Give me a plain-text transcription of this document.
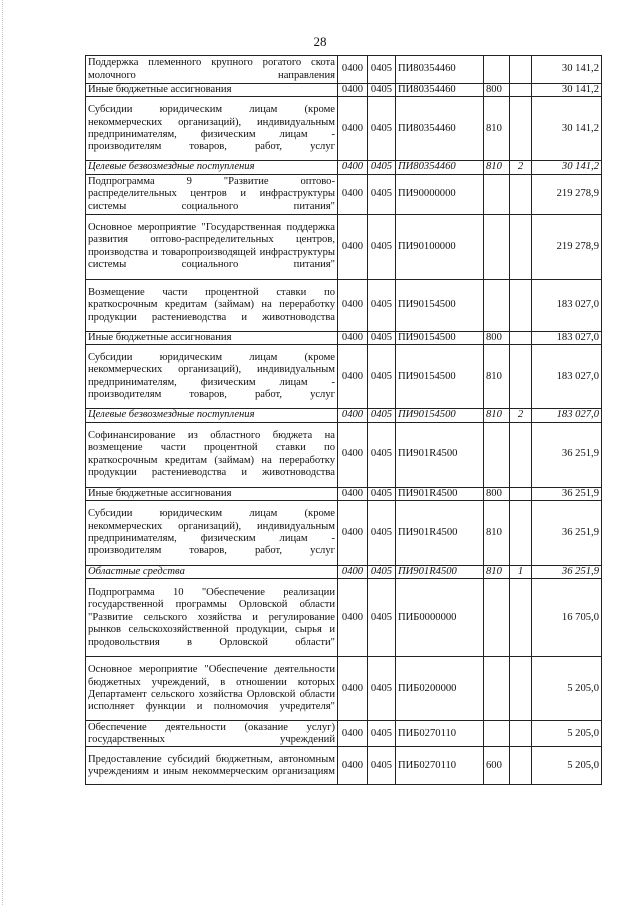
28
Поддержка племенного крупного рогатого скота молочного направления	0400	0405	ПИ80354460			30 141,2
Иные бюджетные ассигнования	0400	0405	ПИ80354460	800		30 141,2
Субсидии юридическим лицам (кроме некоммерческих организаций), индивидуальным предпринимателям, физическим лицам - производителям товаров, работ, услуг	0400	0405	ПИ80354460	810		30 141,2
Целевые безвозмездные поступления	0400	0405	ПИ80354460	810	2	30 141,2
Подпрограмма 9 "Развитие оптово-распределительных центров и инфраструктуры системы социального питания"	0400	0405	ПИ90000000			219 278,9
Основное мероприятие "Государственная поддержка развития оптово-распределительных центров, производства и товаропроизводящей инфраструктуры системы социального питания"	0400	0405	ПИ90100000			219 278,9
Возмещение части процентной ставки по краткосрочным кредитам (займам) на переработку продукции растениеводства и животноводства	0400	0405	ПИ90154500			183 027,0
Иные бюджетные ассигнования	0400	0405	ПИ90154500	800		183 027,0
Субсидии юридическим лицам (кроме некоммерческих организаций), индивидуальным предпринимателям, физическим лицам - производителям товаров, работ, услуг	0400	0405	ПИ90154500	810		183 027,0
Целевые безвозмездные поступления	0400	0405	ПИ90154500	810	2	183 027,0
Софинансирование из областного бюджета на возмещение части процентной ставки по краткосрочным кредитам (займам) на переработку продукции растениеводства и животноводства	0400	0405	ПИ901R4500			36 251,9
Иные бюджетные ассигнования	0400	0405	ПИ901R4500	800		36 251,9
Субсидии юридическим лицам (кроме некоммерческих организаций), индивидуальным предпринимателям, физическим лицам - производителям товаров, работ, услуг	0400	0405	ПИ901R4500	810		36 251,9
Областные средства	0400	0405	ПИ901R4500	810	1	36 251,9
Подпрограмма 10 "Обеспечение реализации государственной программы Орловской области "Развитие сельского хозяйства и регулирование рынков сельскохозяйственной продукции, сырья и продовольствия в Орловской области"	0400	0405	ПИБ0000000			16 705,0
Основное мероприятие "Обеспечение деятельности бюджетных учреждений, в отношении которых Департамент сельского хозяйства Орловской области исполняет функции и полномочия учредителя"	0400	0405	ПИБ0200000			5 205,0
Обеспечение деятельности (оказание услуг) государственных учреждений	0400	0405	ПИБ0270110			5 205,0
Предоставление субсидий бюджетным, автономным учреждениям и иным некоммерческим организациям	0400	0405	ПИБ0270110	600		5 205,0
